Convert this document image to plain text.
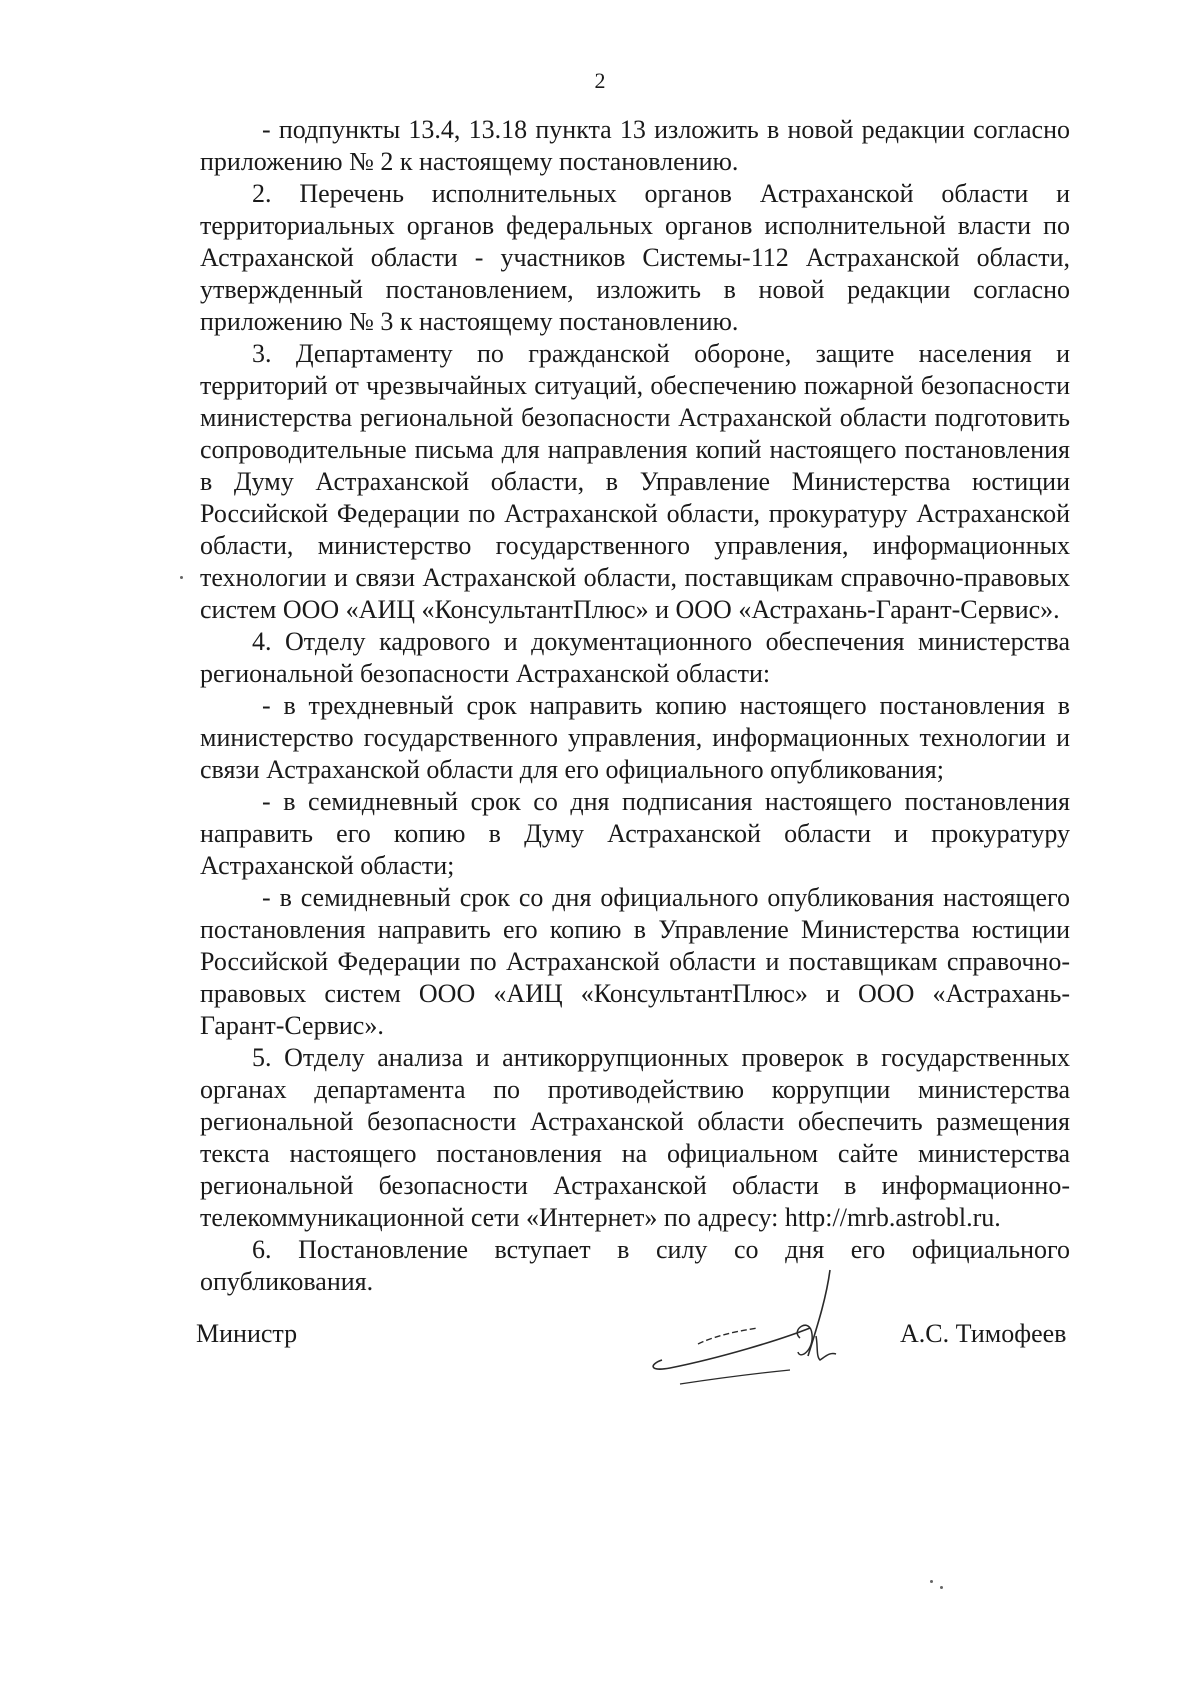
2

- подпункты 13.4, 13.18 пункта 13 изложить в новой редакции согласно приложению № 2 к настоящему постановлению.

2. Перечень исполнительных органов Астраханской области и территориальных органов федеральных органов исполнительной власти по Астраханской области - участников Системы-112 Астраханской области, утвержденный постановлением, изложить в новой редакции согласно приложению № 3 к настоящему постановлению.

3. Департаменту по гражданской обороне, защите населения и территорий от чрезвычайных ситуаций, обеспечению пожарной безопасности министерства региональной безопасности Астраханской области подготовить сопроводительные письма для направления копий настоящего постановления в Думу Астраханской области, в Управление Министерства юстиции Российской Федерации по Астраханской области, прокуратуру Астраханской области, министерство государственного управления, информационных технологии и связи Астраханской области, поставщикам справочно-правовых систем ООО «АИЦ «КонсультантПлюс» и ООО «Астрахань-Гарант-Сервис».

4. Отделу кадрового и документационного обеспечения министерства региональной безопасности Астраханской области:

- в трехдневный срок направить копию настоящего постановления в министерство государственного управления, информационных технологии и связи Астраханской области для его официального опубликования;

- в семидневный срок со дня подписания настоящего постановления направить его копию в Думу Астраханской области и прокуратуру Астраханской области;

- в семидневный срок со дня официального опубликования настоящего постановления направить его копию в Управление Министерства юстиции Российской Федерации по Астраханской области и поставщикам справочно-правовых систем ООО «АИЦ «КонсультантПлюс» и ООО «Астрахань-Гарант-Сервис».

5. Отделу анализа и антикоррупционных проверок в государственных органах департамента по противодействию коррупции министерства региональной безопасности Астраханской области обеспечить размещения текста настоящего постановления на официальном сайте министерства региональной безопасности Астраханской области в информационно-телекоммуникационной сети «Интернет» по адресу: http://mrb.astrobl.ru.

6. Постановление вступает в силу со дня его официального опубликования.

Министр	А.С. Тимофеев
